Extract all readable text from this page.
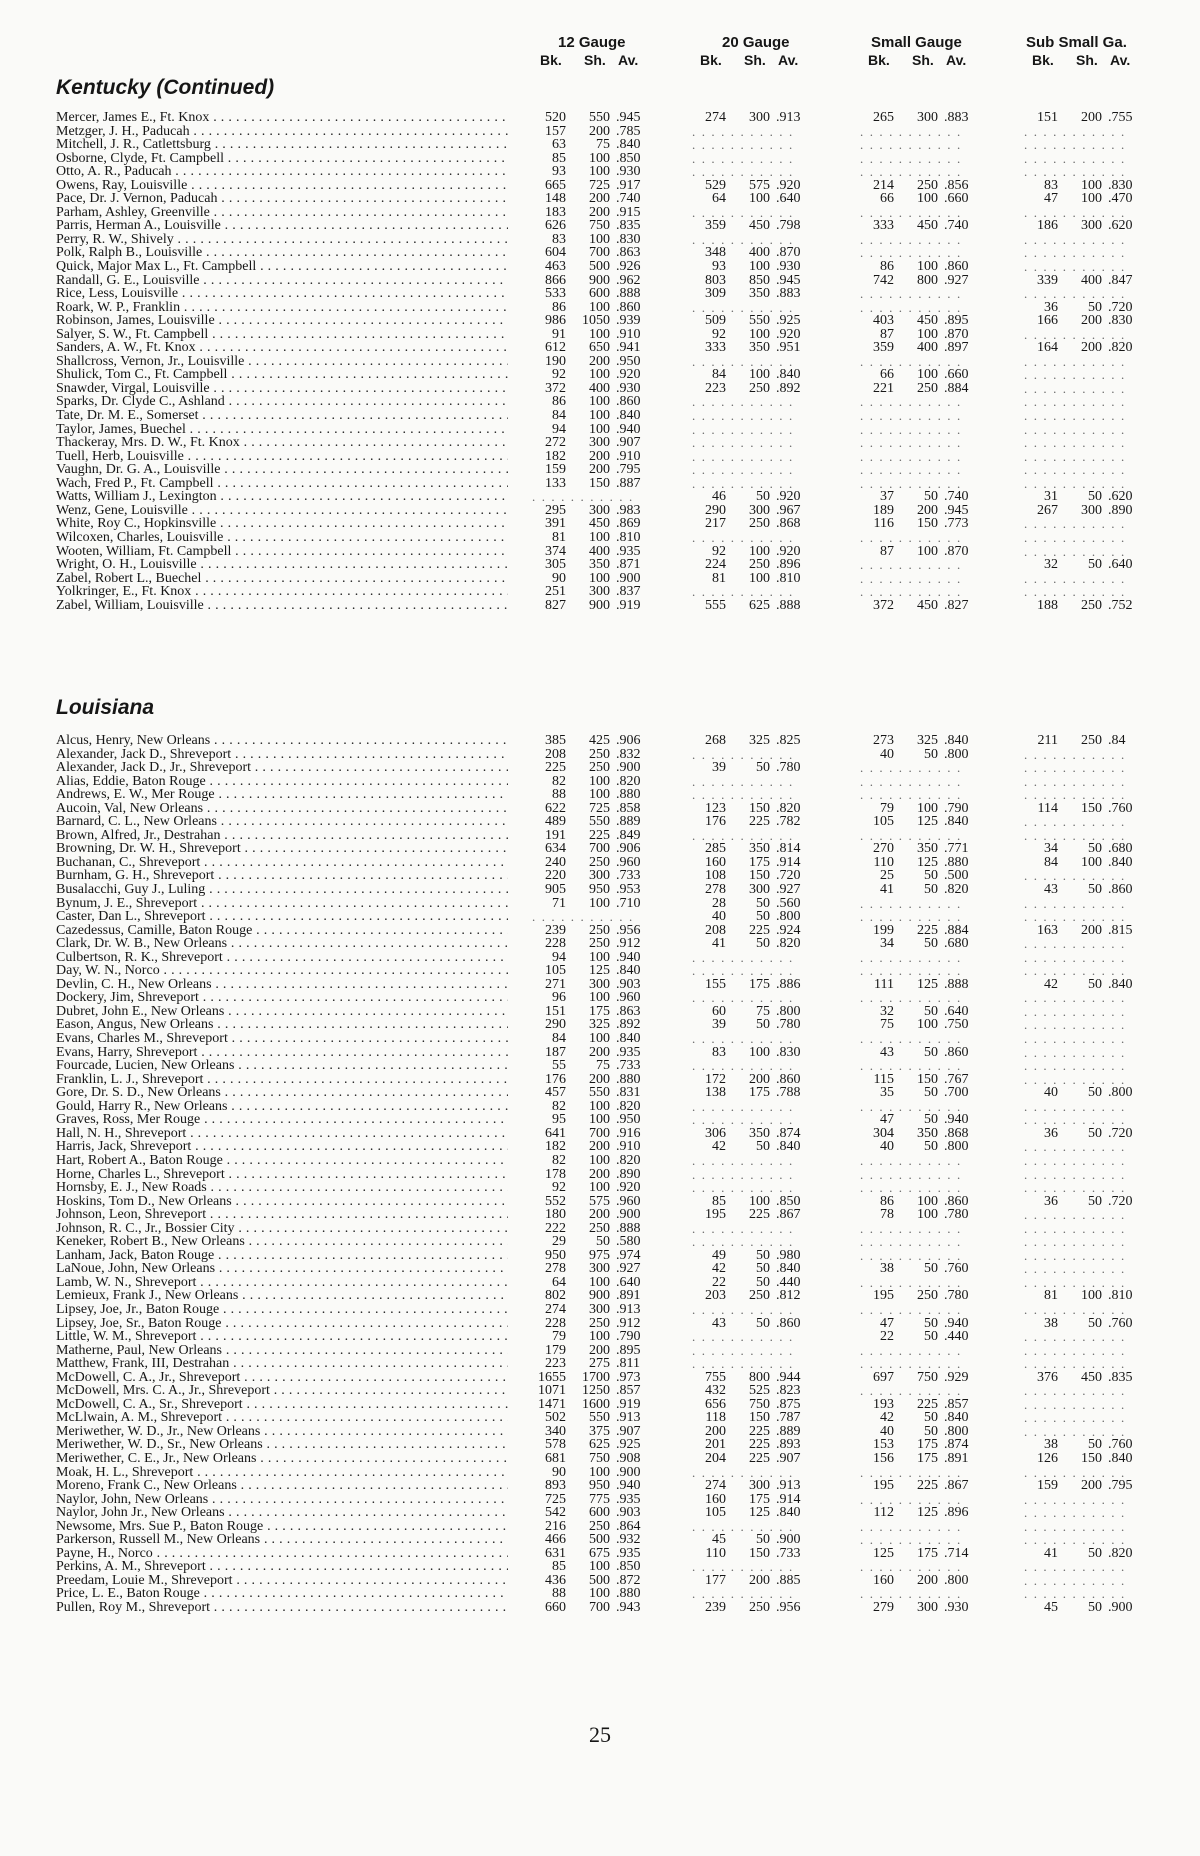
12 Gauge	20 Gauge	Small Gauge	Sub Small Ga.
Bk. Sh. Av.	Bk. Sh. Av.	Bk. Sh. Av.	Bk. Sh. Av.
Kentucky (Continued)
Mercer, James E., Ft. Knox . . .	520	550 .945	274	300 .913	265	300 .883	151	200 .755
Metzger, J. H., Paducah . . .	157	200 .785	. . . . . . . . . . .	. . . . . . . . . . .	. . . . . . . . . . .
Mitchell, J. R., Catlettsburg . . .	63	75 .840	. . . . . . . . . . .	. . . . . . . . . . .	. . . . . . . . . . .
Osborne, Clyde, Ft. Campbell . . .	85	100 .850	. . . . . . . . . . .	. . . . . . . . . . .	. . . . . . . . . . .
Otto, A. R., Paducah . . .	93	100 .930	. . . . . . . . . . .	. . . . . . . . . . .	. . . . . . . . . . .
Owens, Ray, Louisville . . .	665	725 .917	529	575 .920	214	250 .856	83	100 .830
Pace, Dr. J. Vernon, Paducah . . .	148	200 .740	64	100 .640	66	100 .660	47	100 .470
Parham, Ashley, Greenville . . .	183	200 .915	. . . . . . . . . . .	. . . . . . . . . . .	. . . . . . . . . . .
Parris, Herman A., Louisville . . .	626	750 .835	359	450 .798	333	450 .740	186	300 .620
Perry, R. W., Shively . . .	83	100 .830	. . . . . . . . . . .	. . . . . . . . . . .	. . . . . . . . . . .
Polk, Ralph B., Louisville . . .	604	700 .863	348	400 .870	. . . . . . . . . . .	. . . . . . . . . . .
Quick, Major Max L., Ft. Campbell . . .	463	500 .926	93	100 .930	86	100 .860	. . . . . . . . . . .
Randall, G. E., Louisville . . .	866	900 .962	803	850 .945	742	800 .927	339	400 .847
Rice, Less, Louisville . . .	533	600 .888	309	350 .883	. . . . . . . . . . .	. . . . . . . . . . .
Roark, W. P., Franklin . . .	86	100 .860	. . . . . . . . . . .	. . . . . . . . . . .	36	50 .720
Robinson, James, Louisville . . .	986	1050 .939	509	550 .925	403	450 .895	166	200 .830
Salyer, S. W., Ft. Campbell . . .	91	100 .910	92	100 .920	87	100 .870	. . . . . . . . . . .
Sanders, A. W., Ft. Knox . . .	612	650 .941	333	350 .951	359	400 .897	164	200 .820
Shallcross, Vernon, Jr., Louisville . . .	190	200 .950	. . . . . . . . . . .	. . . . . . . . . . .	. . . . . . . . . . .
Shulick, Tom C., Ft. Campbell . . .	92	100 .920	84	100 .840	66	100 .660	. . . . . . . . . . .
Snawder, Virgal, Louisville . . .	372	400 .930	223	250 .892	221	250 .884	. . . . . . . . . . .
Sparks, Dr. Clyde C., Ashland . . .	86	100 .860	. . . . . . . . . . .	. . . . . . . . . . .	. . . . . . . . . . .
Tate, Dr. M. E., Somerset . . .	84	100 .840	. . . . . . . . . . .	. . . . . . . . . . .	. . . . . . . . . . .
Taylor, James, Buechel . . .	94	100 .940	. . . . . . . . . . .	. . . . . . . . . . .	. . . . . . . . . . .
Thackeray, Mrs. D. W., Ft. Knox . . .	272	300 .907	. . . . . . . . . . .	. . . . . . . . . . .	. . . . . . . . . . .
Tuell, Herb, Louisville . . .	182	200 .910	. . . . . . . . . . .	. . . . . . . . . . .	. . . . . . . . . . .
Vaughn, Dr. G. A., Louisville . . .	159	200 .795	. . . . . . . . . . .	. . . . . . . . . . .	. . . . . . . . . . .
Wach, Fred P., Ft. Campbell . . .	133	150 .887	. . . . . . . . . . .	. . . . . . . . . . .	. . . . . . . . . . .
Watts, William J., Lexington . . .	. . . . . . . . . . .	46	50 .920	37	50 .740	31	50 .620
Wenz, Gene, Louisville . . .	295	300 .983	290	300 .967	189	200 .945	267	300 .890
White, Roy C., Hopkinsville . . .	391	450 .869	217	250 .868	116	150 .773	. . . . . . . . . . .
Wilcoxen, Charles, Louisville . . .	81	100 .810	. . . . . . . . . . .	. . . . . . . . . . .	. . . . . . . . . . .
Wooten, William, Ft. Campbell . . .	374	400 .935	92	100 .920	87	100 .870	. . . . . . . . . . .
Wright, O. H., Louisville . . .	305	350 .871	224	250 .896	. . . . . . . . . . .	32	50 .640
Zabel, Robert L., Buechel . . .	90	100 .900	81	100 .810	. . . . . . . . . . .	. . . . . . . . . . .
Yolkringer, E., Ft. Knox . . .	251	300 .837	. . . . . . . . . . .	. . . . . . . . . . .	. . . . . . . . . . .
Zabel, William, Louisville . . .	827	900 .919	555	625 .888	372	450 .827	188	250 .752
Louisiana
Alcus, Henry, New Orleans . . .	385	425 .906	268	325 .825	273	325 .840	211	250 .84
Alexander, Jack D., Shreveport . . .	208	250 .832	. . . . . . . . . . .	40	50 .800	. . . . . . . . . . .
Alexander, Jack D., Jr., Shreveport . . .	225	250 .900	39	50 .780	. . . . . . . . . . .	. . . . . . . . . . .
Alias, Eddie, Baton Rouge . . .	82	100 .820	. . . . . . . . . . .	. . . . . . . . . . .	. . . . . . . . . . .
Andrews, E. W., Mer Rouge . . .	88	100 .880	. . . . . . . . . . .	. . . . . . . . . . .	. . . . . . . . . . .
Aucoin, Val, New Orleans . . .	622	725 .858	123	150 .820	79	100 .790	114	150 .760
Barnard, C. L., New Orleans . . .	489	550 .889	176	225 .782	105	125 .840	. . . . . . . . . . .
Brown, Alfred, Jr., Destrahan . . .	191	225 .849	. . . . . . . . . . .	. . . . . . . . . . .	. . . . . . . . . . .
Browning, Dr. W. H., Shreveport . . .	634	700 .906	285	350 .814	270	350 .771	34	50 .680
Buchanan, C., Shreveport . . .	240	250 .960	160	175 .914	110	125 .880	84	100 .840
Burnham, G. H., Shreveport . . .	220	300 .733	108	150 .720	25	50 .500	. . . . . . . . . . .
Busalacchi, Guy J., Luling . . .	905	950 .953	278	300 .927	41	50 .820	43	50 .860
Bynum, J. E., Shreveport . . .	71	100 .710	28	50 .560	. . . . . . . . . . .	. . . . . . . . . . .
Caster, Dan L., Shreveport . . .	. . . . . . . . . . .	40	50 .800	. . . . . . . . . . .	. . . . . . . . . . .
Cazedessus, Camille, Baton Rouge . . .	239	250 .956	208	225 .924	199	225 .884	163	200 .815
Clark, Dr. W. B., New Orleans . . .	228	250 .912	41	50 .820	34	50 .680	. . . . . . . . . . .
Culbertson, R. K., Shreveport . . .	94	100 .940	. . . . . . . . . . .	. . . . . . . . . . .	. . . . . . . . . . .
Day, W. N., Norco . . .	105	125 .840	. . . . . . . . . . .	. . . . . . . . . . .	. . . . . . . . . . .
Devlin, C. H., New Orleans . . .	271	300 .903	155	175 .886	111	125 .888	42	50 .840
Dockery, Jim, Shreveport . . .	96	100 .960	. . . . . . . . . . .	. . . . . . . . . . .	. . . . . . . . . . .
Dubret, John E., New Orleans . . .	151	175 .863	60	75 .800	32	50 .640	. . . . . . . . . . .
Eason, Angus, New Orleans . . .	290	325 .892	39	50 .780	75	100 .750	. . . . . . . . . . .
Evans, Charles M., Shreveport . . .	84	100 .840	. . . . . . . . . . .	. . . . . . . . . . .	. . . . . . . . . . .
Evans, Harry, Shreveport . . .	187	200 .935	83	100 .830	43	50 .860	. . . . . . . . . . .
Fourcade, Lucien, New Orleans . . .	55	75 .733	. . . . . . . . . . .	. . . . . . . . . . .	. . . . . . . . . . .
Franklin, L. J., Shreveport . . .	176	200 .880	172	200 .860	115	150 .767	. . . . . . . . . . .
Gore, Dr. S. D., New Orleans . . .	457	550 .831	138	175 .788	35	50 .700	40	50 .800
Gould, Harry R., New Orleans . . .	82	100 .820	. . . . . . . . . . .	. . . . . . . . . . .	. . . . . . . . . . .
Graves, Ross, Mer Rouge . . .	95	100 .950	. . . . . . . . . . .	47	50 .940	. . . . . . . . . . .
Hall, N. H., Shreveport . . .	641	700 .916	306	350 .874	304	350 .868	36	50 .720
Harris, Jack, Shreveport . . .	182	200 .910	42	50 .840	40	50 .800	. . . . . . . . . . .
Hart, Robert A., Baton Rouge . . .	82	100 .820	. . . . . . . . . . .	. . . . . . . . . . .	. . . . . . . . . . .
Horne, Charles L., Shreveport . . .	178	200 .890	. . . . . . . . . . .	. . . . . . . . . . .	. . . . . . . . . . .
Hornsby, E. J., New Roads . . .	92	100 .920	. . . . . . . . . . .	. . . . . . . . . . .	. . . . . . . . . . .
Hoskins, Tom D., New Orleans . . .	552	575 .960	85	100 .850	86	100 .860	36	50 .720
Johnson, Leon, Shreveport . . .	180	200 .900	195	225 .867	78	100 .780	. . . . . . . . . . .
Johnson, R. C., Jr., Bossier City . . .	222	250 .888	. . . . . . . . . . .	. . . . . . . . . . .	. . . . . . . . . . .
Keneker, Robert B., New Orleans . . .	29	50 .580	. . . . . . . . . . .	. . . . . . . . . . .	. . . . . . . . . . .
Lanham, Jack, Baton Rouge . . .	950	975 .974	49	50 .980	. . . . . . . . . . .	. . . . . . . . . . .
LaNoue, John, New Orleans . . .	278	300 .927	42	50 .840	38	50 .760	. . . . . . . . . . .
Lamb, W. N., Shreveport . . .	64	100 .640	22	50 .440	. . . . . . . . . . .	. . . . . . . . . . .
Lemieux, Frank J., New Orleans . . .	802	900 .891	203	250 .812	195	250 .780	81	100 .810
Lipsey, Joe, Jr., Baton Rouge . . .	274	300 .913	. . . . . . . . . . .	. . . . . . . . . . .	. . . . . . . . . . .
Lipsey, Joe, Sr., Baton Rouge . . .	228	250 .912	43	50 .860	47	50 .940	38	50 .760
Little, W. M., Shreveport . . .	79	100 .790	. . . . . . . . . . .	22	50 .440	. . . . . . . . . . .
Matherne, Paul, New Orleans . . .	179	200 .895	. . . . . . . . . . .	. . . . . . . . . . .	. . . . . . . . . . .
Matthew, Frank, III, Destrahan . . .	223	275 .811	. . . . . . . . . . .	. . . . . . . . . . .	. . . . . . . . . . .
McDowell, C. A., Jr., Shreveport . . .	1655	1700 .973	755	800 .944	697	750 .929	376	450 .835
McDowell, Mrs. C. A., Jr., Shreveport . . .	1071	1250 .857	432	525 .823	. . . . . . . . . . .	. . . . . . . . . . .
McDowell, C. A., Sr., Shreveport . . .	1471	1600 .919	656	750 .875	193	225 .857	. . . . . . . . . . .
McLlwain, A. M., Shreveport . . .	502	550 .913	118	150 .787	42	50 .840	. . . . . . . . . . .
Meriwether, W. D., Jr., New Orleans . . .	340	375 .907	200	225 .889	40	50 .800	. . . . . . . . . . .
Meriwether, W. D., Sr., New Orleans . . .	578	625 .925	201	225 .893	153	175 .874	38	50 .760
Meriwether, C. E., Jr., New Orleans . . .	681	750 .908	204	225 .907	156	175 .891	126	150 .840
Moak, H. L., Shreveport . . .	90	100 .900	. . . . . . . . . . .	. . . . . . . . . . .	. . . . . . . . . . .
Moreno, Frank C., New Orleans . . .	893	950 .940	274	300 .913	195	225 .867	159	200 .795
Naylor, John, New Orleans . . .	725	775 .935	160	175 .914	. . . . . . . . . . .	. . . . . . . . . . .
Naylor, John Jr., New Orleans . . .	542	600 .903	105	125 .840	112	125 .896	. . . . . . . . . . .
Newsome, Mrs. Sue P., Baton Rouge . . .	216	250 .864	. . . . . . . . . . .	. . . . . . . . . . .	. . . . . . . . . . .
Parkerson, Russell M., New Orleans . . .	466	500 .932	45	50 .900	. . . . . . . . . . .	. . . . . . . . . . .
Payne, H., Norco . . .	631	675 .935	110	150 .733	125	175 .714	41	50 .820
Perkins, A. M., Shreveport . . .	85	100 .850	. . . . . . . . . . .	. . . . . . . . . . .	. . . . . . . . . . .
Preedam, Louie M., Shreveport . . .	436	500 .872	177	200 .885	160	200 .800	. . . . . . . . . . .
Price, L. E., Baton Rouge . . .	88	100 .880	. . . . . . . . . . .	. . . . . . . . . . .	. . . . . . . . . . .
Pullen, Roy M., Shreveport . . .	660	700 .943	239	250 .956	279	300 .930	45	50 .900
25
